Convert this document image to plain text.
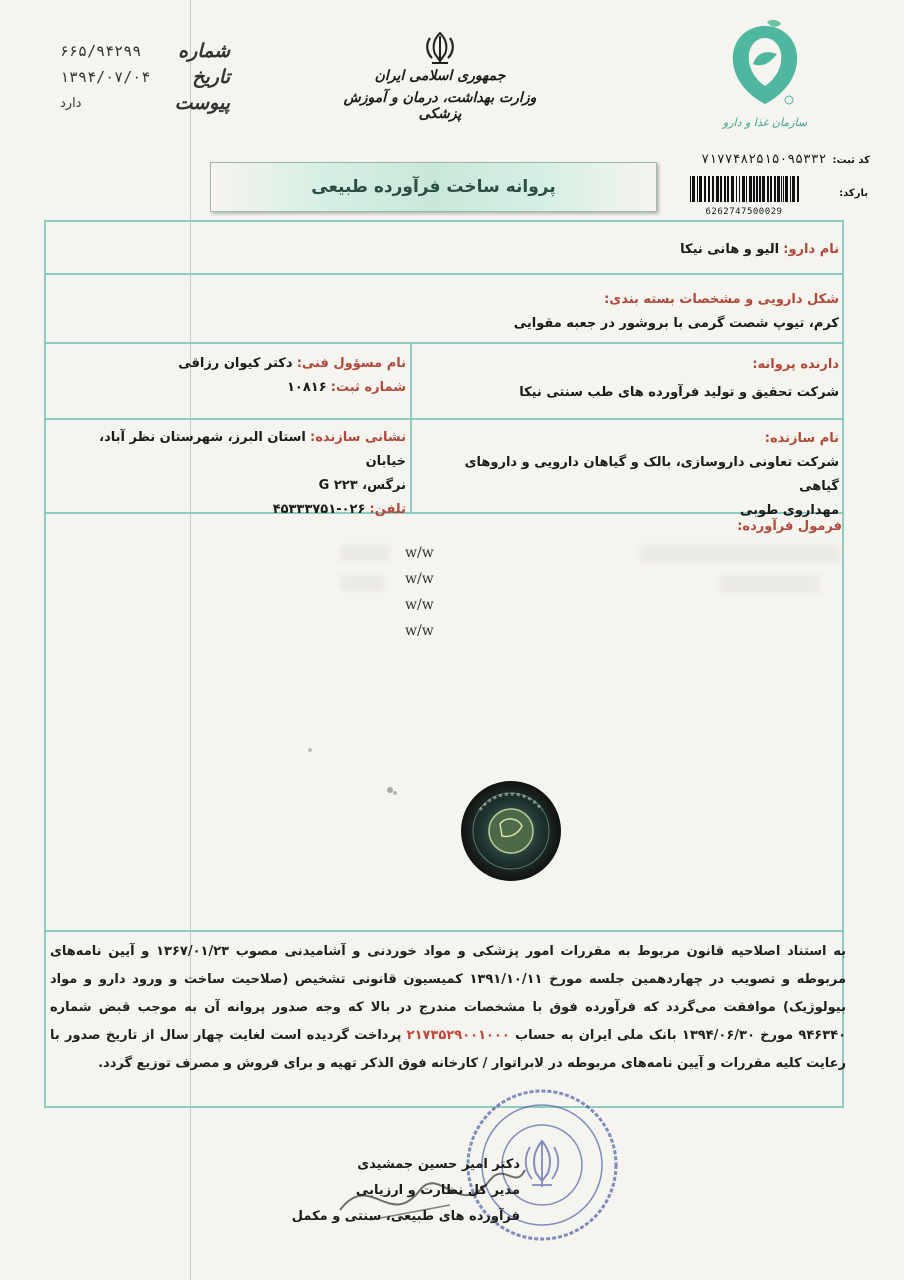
شماره
۶۶۵/۹۴۲۹۹
تاریخ
۱۳۹۴/۰۷/۰۴
پیوست
دارد
جمهوری اسلامی ایران
وزارت بهداشت، درمان و آموزش پزشکی
سازمان غذا و دارو
کد ثبت:
۷۱۷۷۴۸۲۵۱۵۰۹۵۳۳۲
بارکد:
6262747500029
پروانه ساخت فرآورده طبیعی
نام دارو: الیو و هانی نیکا
شکل دارویی و مشخصات بسته بندی:
کرم، تیوپ شصت گرمی با بروشور در جعبه مقوایی
دارنده پروانه:
شرکت تحقیق و تولید فرآورده های طب سنتی نیکا
نام مسؤول فنی: دکتر کیوان رزاقی
شماره ثبت: ۱۰۸۱۶
نام سازنده:
شرکت تعاونی داروسازی، بالک و گیاهان دارویی و داروهای گیاهی
مهداروی طوبی
نشانی سازنده: استان البرز، شهرستان نظر آباد، خیابان
نرگس، G ۲۲۳
تلفن: ۰۲۶-۴۵۳۳۳۷۵۱
فرمول فرآورده:
w/w
w/w
w/w
w/w
به استناد اصلاحیه قانون مربوط به مقررات امور پزشکی و مواد خوردنی و آشامیدنی مصوب ۱۳۶۷/۰۱/۲۳ و آیین نامه‌های مربوطه و تصویب در چهاردهمین جلسه مورخ ۱۳۹۱/۱۰/۱۱ کمیسیون قانونی تشخیص (صلاحیت ساخت و ورود دارو و مواد بیولوژیک) موافقت می‌گردد که فرآورده فوق با مشخصات مندرج در بالا که وجه صدور پروانه آن به موجب قبض شماره ۹۴۶۳۴۰ مورخ ۱۳۹۴/۰۶/۳۰ بانک ملی ایران به حساب ۲۱۷۳۵۲۹۰۰۱۰۰۰ پرداخت گردیده است لغایت چهار سال از تاریخ صدور با رعایت کلیه مقررات و آیین نامه‌های مربوطه در لابراتوار / کارخانه فوق الذکر تهیه و برای فروش و مصرف توزیع گردد.
دکتر امیر حسین جمشیدی
مدیر کل نظارت و ارزیابی
فرآورده های طبیعی، سنتی و مکمل
